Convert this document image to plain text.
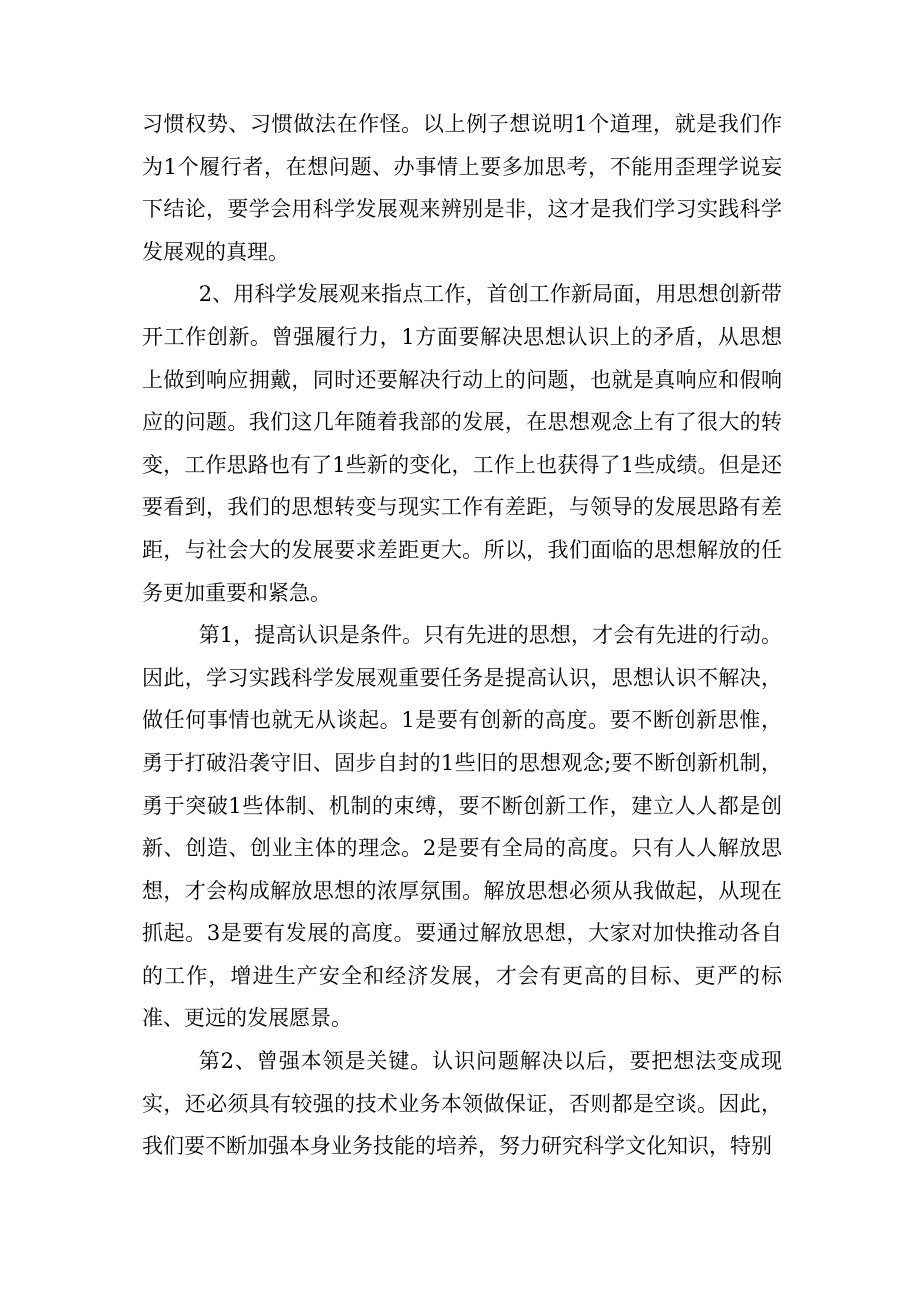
习惯权势、习惯做法在作怪。以上例子想说明1个道理，就是我们作为1个履行者，在想问题、办事情上要多加思考，不能用歪理学说妄下结论，要学会用科学发展观来辨别是非，这才是我们学习实践科学发展观的真理。

2、用科学发展观来指点工作，首创工作新局面，用思想创新带开工作创新。曾强履行力，1方面要解决思想认识上的矛盾，从思想上做到响应拥戴，同时还要解决行动上的问题，也就是真响应和假响应的问题。我们这几年随着我部的发展，在思想观念上有了很大的转变，工作思路也有了1些新的变化，工作上也获得了1些成绩。但是还要看到，我们的思想转变与现实工作有差距，与领导的发展思路有差距，与社会大的发展要求差距更大。所以，我们面临的思想解放的任务更加重要和紧急。

第1，提高认识是条件。只有先进的思想，才会有先进的行动。因此，学习实践科学发展观重要任务是提高认识，思想认识不解决，做任何事情也就无从谈起。1是要有创新的高度。要不断创新思惟，勇于打破沿袭守旧、固步自封的1些旧的思想观念;要不断创新机制，勇于突破1些体制、机制的束缚，要不断创新工作，建立人人都是创新、创造、创业主体的理念。2是要有全局的高度。只有人人解放思想，才会构成解放思想的浓厚氛围。解放思想必须从我做起，从现在抓起。3是要有发展的高度。要通过解放思想，大家对加快推动各自的工作，增进生产安全和经济发展，才会有更高的目标、更严的标准、更远的发展愿景。

第2、曾强本领是关键。认识问题解决以后，要把想法变成现实，还必须具有较强的技术业务本领做保证，否则都是空谈。因此，我们要不断加强本身业务技能的培养，努力研究科学文化知识，特别
